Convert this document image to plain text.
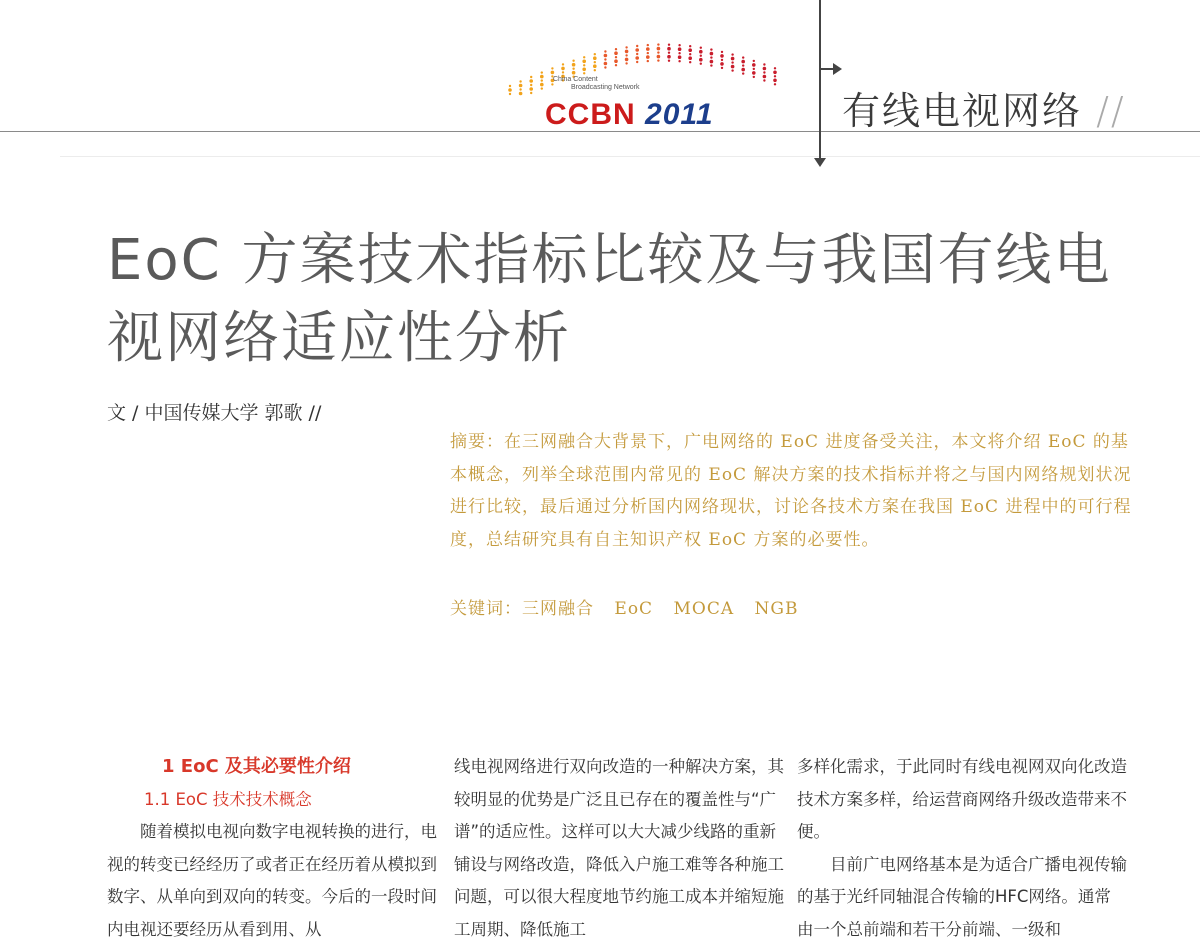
China Content
Broadcasting Network
CCBN 2011	有线电视网络 //
EoC 方案技术指标比较及与我国有线电视网络适应性分析
文 / 中国传媒大学 郭歌 //

摘要：在三网融合大背景下，广电网络的 EoC 进度备受关注，本文将介绍 EoC 的基本概念，列举全球范围内常见的 EoC 解决方案的技术指标并将之与国内网络规划状况进行比较，最后通过分析国内网络现状，讨论各技术方案在我国 EoC 进程中的可行程度，总结研究具有自主知识产权 EoC 方案的必要性。

关键词：三网融合 EoC MOCA NGB
1 EoC 及其必要性介绍
1.1 EoC 技术技术概念

随着模拟电视向数字电视转换的进行，电视的转变已经经历了或者正在经历着从模拟到数字、从单向到双向的转变。今后的一段时间内电视还要经历从看到用、从

线电视网络进行双向改造的一种解决方案，其较明显的优势是广泛且已存在的覆盖性与“广谱”的适应性。这样可以大大减少线路的重新铺设与网络改造，降低入户施工难等各种施工问题，可以很大程度地节约施工成本并缩短施工周期、降低施工

多样化需求，于此同时有线电视网双向化改造技术方案多样，给运营商网络升级改造带来不便。

目前广电网络基本是为适合广播电视传输的基于光纤同轴混合传输的HFC网络。通常由一个总前端和若干分前端、一级和
